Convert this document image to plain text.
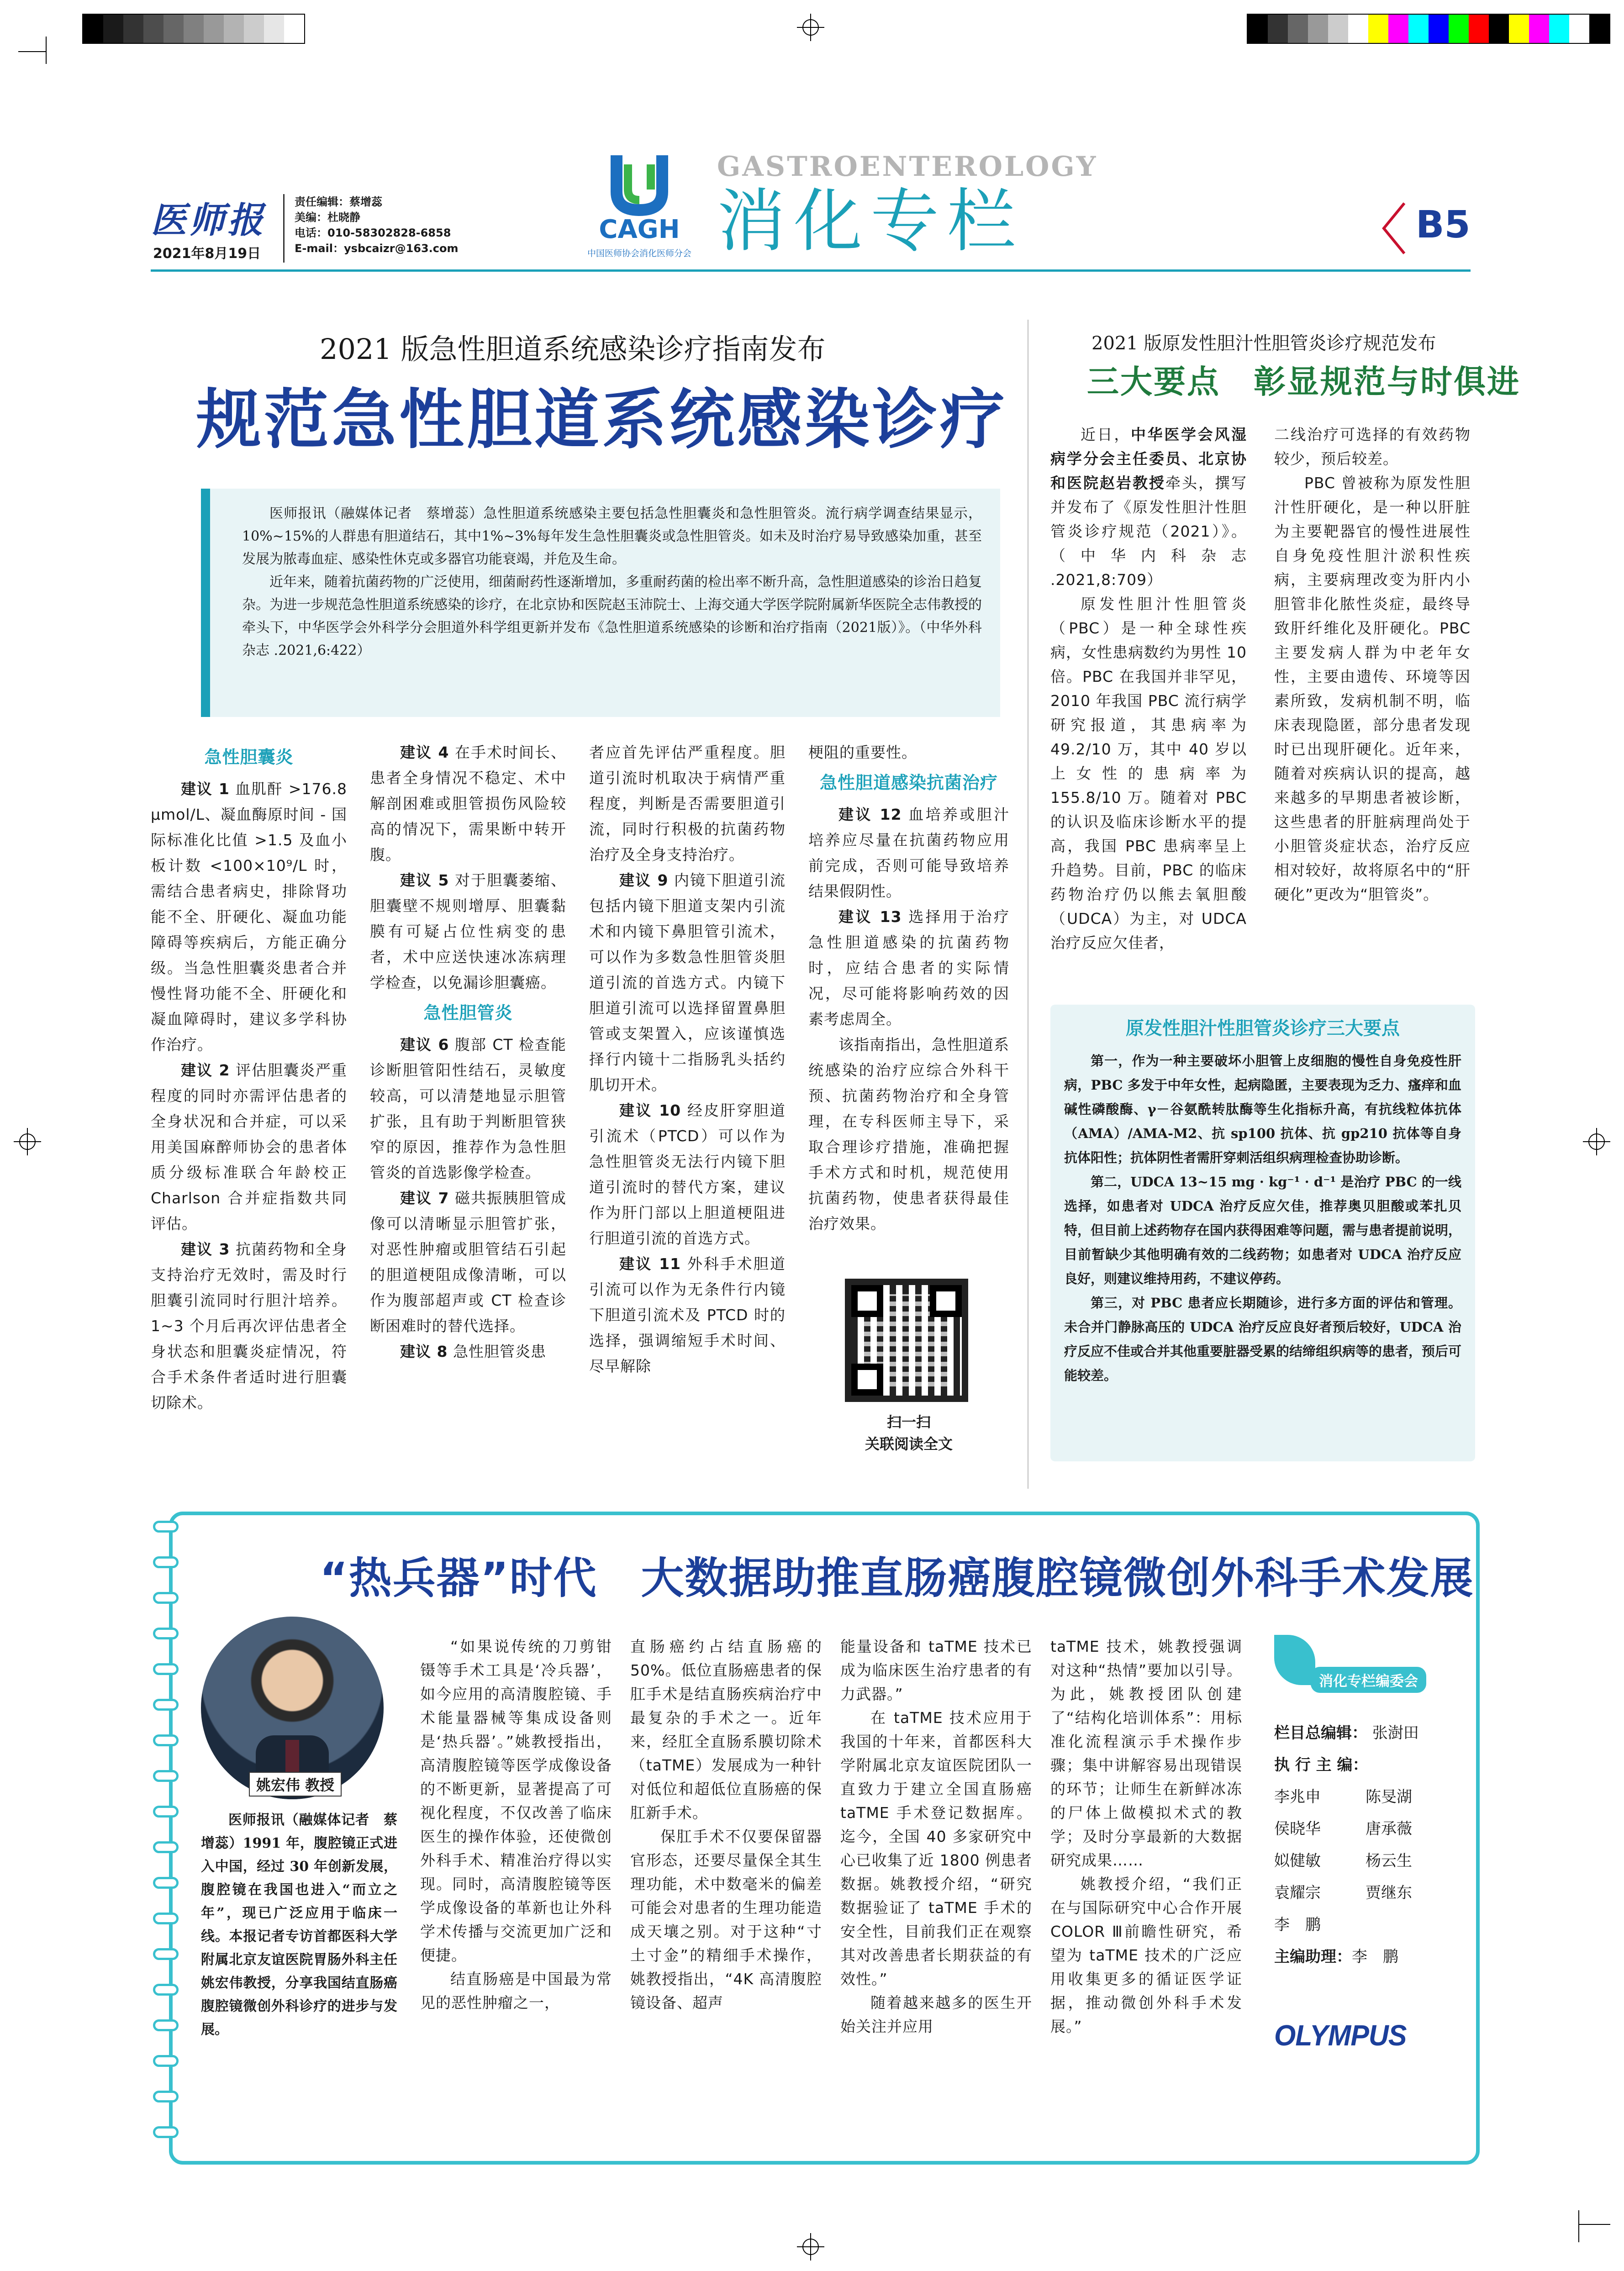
医师报
2021年8月19日
责任编辑：蔡增蕊
美编：杜晓静
电话：010-58302828-6858
E-mail：ysbcaizr@163.com
CAGH
中国医师协会消化医师分会
GASTROENTEROLOGY
消化专栏	B5
2021 版急性胆道系统感染诊疗指南发布
规范急性胆道系统感染诊疗

医师报讯（融媒体记者　蔡增蕊）急性胆道系统感染主要包括急性胆囊炎和急性胆管炎。流行病学调查结果显示，10%~15%的人群患有胆道结石，其中1%~3%每年发生急性胆囊炎或急性胆管炎。如未及时治疗易导致感染加重，甚至发展为脓毒血症、感染性休克或多器官功能衰竭，并危及生命。

近年来，随着抗菌药物的广泛使用，细菌耐药性逐渐增加，多重耐药菌的检出率不断升高，急性胆道感染的诊治日趋复杂。为进一步规范急性胆道系统感染的诊疗，在北京协和医院赵玉沛院士、上海交通大学医学院附属新华医院全志伟教授的牵头下，中华医学会外科学分会胆道外科学组更新并发布《急性胆道系统感染的诊断和治疗指南（2021版）》。（中华外科杂志 .2021,6:422）

急性胆囊炎

建议 1 血肌酐 >176.8 μmol/L、凝血酶原时间 - 国际标准化比值 >1.5 及血小板计数 <100×10⁹/L 时，需结合患者病史，排除肾功能不全、肝硬化、凝血功能障碍等疾病后，方能正确分级。当急性胆囊炎患者合并慢性肾功能不全、肝硬化和凝血障碍时，建议多学科协作治疗。

建议 2 评估胆囊炎严重程度的同时亦需评估患者的全身状况和合并症，可以采用美国麻醉师协会的患者体质分级标准联合年龄校正 Charlson 合并症指数共同评估。

建议 3 抗菌药物和全身支持治疗无效时，需及时行胆囊引流同时行胆汁培养。1~3 个月后再次评估患者全身状态和胆囊炎症情况，符合手术条件者适时进行胆囊切除术。

建议 4 在手术时间长、患者全身情况不稳定、术中解剖困难或胆管损伤风险较高的情况下，需果断中转开腹。

建议 5 对于胆囊萎缩、胆囊壁不规则增厚、胆囊黏膜有可疑占位性病变的患者，术中应送快速冰冻病理学检查，以免漏诊胆囊癌。

急性胆管炎

建议 6 腹部 CT 检查能诊断胆管阳性结石，灵敏度较高，可以清楚地显示胆管扩张，且有助于判断胆管狭窄的原因，推荐作为急性胆管炎的首选影像学检查。

建议 7 磁共振胰胆管成像可以清晰显示胆管扩张，对恶性肿瘤或胆管结石引起的胆道梗阻成像清晰，可以作为腹部超声或 CT 检查诊断困难时的替代选择。

建议 8 急性胆管炎患

者应首先评估严重程度。胆道引流时机取决于病情严重程度，判断是否需要胆道引流，同时行积极的抗菌药物治疗及全身支持治疗。

建议 9 内镜下胆道引流包括内镜下胆道支架内引流术和内镜下鼻胆管引流术，可以作为多数急性胆管炎胆道引流的首选方式。内镜下胆道引流可以选择留置鼻胆管或支架置入，应该谨慎选择行内镜十二指肠乳头括约肌切开术。

建议 10 经皮肝穿胆道引流术（PTCD）可以作为急性胆管炎无法行内镜下胆道引流时的替代方案，建议作为肝门部以上胆道梗阻进行胆道引流的首选方式。

建议 11 外科手术胆道引流可以作为无条件行内镜下胆道引流术及 PTCD 时的选择，强调缩短手术时间、尽早解除

梗阻的重要性。

急性胆道感染抗菌治疗

建议 12 血培养或胆汁培养应尽量在抗菌药物应用前完成，否则可能导致培养结果假阴性。

建议 13 选择用于治疗急性胆道感染的抗菌药物时，应结合患者的实际情况，尽可能将影响药效的因素考虑周全。

该指南指出，急性胆道系统感染的治疗应综合外科干预、抗菌药物治疗和全身管理，在专科医师主导下，采取合理诊疗措施，准确把握手术方式和时机，规范使用抗菌药物，使患者获得最佳治疗效果。

扫一扫
关联阅读全文
2021 版原发性胆汁性胆管炎诊疗规范发布
三大要点　彰显规范与时俱进

近日，中华医学会风湿病学分会主任委员、北京协和医院赵岩教授牵头，撰写并发布了《原发性胆汁性胆管炎诊疗规范（2021）》。（中华内科杂志 .2021,8:709）

原发性胆汁性胆管炎（PBC）是一种全球性疾病，女性患病数约为男性 10 倍。PBC 在我国并非罕见，2010 年我国 PBC 流行病学研究报道，其患病率为 49.2/10 万，其中 40 岁以上女性的患病率为 155.8/10 万。随着对 PBC 的认识及临床诊断水平的提高，我国 PBC 患病率呈上升趋势。目前，PBC 的临床药物治疗仍以熊去氧胆酸（UDCA）为主，对 UDCA 治疗反应欠佳者，

二线治疗可选择的有效药物较少，预后较差。

PBC 曾被称为原发性胆汁性肝硬化，是一种以肝脏为主要靶器官的慢性进展性自身免疫性胆汁淤积性疾病，主要病理改变为肝内小胆管非化脓性炎症，最终导致肝纤维化及肝硬化。PBC 主要发病人群为中老年女性，主要由遗传、环境等因素所致，发病机制不明，临床表现隐匿，部分患者发现时已出现肝硬化。近年来，随着对疾病认识的提高，越来越多的早期患者被诊断，这些患者的肝脏病理尚处于小胆管炎症状态，治疗反应相对较好，故将原名中的“肝硬化”更改为“胆管炎”。

原发性胆汁性胆管炎诊疗三大要点

第一，作为一种主要破坏小胆管上皮细胞的慢性自身免疫性肝病，PBC 多发于中年女性，起病隐匿，主要表现为乏力、瘙痒和血碱性磷酸酶、γ－谷氨酰转肽酶等生化指标升高，有抗线粒体抗体（AMA）/AMA-M2、抗 sp100 抗体、抗 gp210 抗体等自身抗体阳性；抗体阴性者需肝穿刺活组织病理检查协助诊断。

第二，UDCA 13~15 mg · kg⁻¹ · d⁻¹ 是治疗 PBC 的一线选择，如患者对 UDCA 治疗反应欠佳，推荐奥贝胆酸或苯扎贝特，但目前上述药物存在国内获得困难等问题，需与患者提前说明，目前暂缺少其他明确有效的二线药物；如患者对 UDCA 治疗反应良好，则建议维持用药，不建议停药。

第三，对 PBC 患者应长期随诊，进行多方面的评估和管理。未合并门静脉高压的 UDCA 治疗反应良好者预后较好，UDCA 治疗反应不佳或合并其他重要脏器受累的结缔组织病等的患者，预后可能较差。

“热兵器”时代　大数据助推直肠癌腹腔镜微创外科手术发展
姚宏伟 教授
医师报讯（融媒体记者　蔡增蕊）1991 年，腹腔镜正式进入中国，经过 30 年创新发展，腹腔镜在我国也进入“而立之年”，现已广泛应用于临床一线。本报记者专访首都医科大学附属北京友谊医院胃肠外科主任姚宏伟教授，分享我国结直肠癌腹腔镜微创外科诊疗的进步与发展。

“如果说传统的刀剪钳镊等手术工具是‘冷兵器’，如今应用的高清腹腔镜、手术能量器械等集成设备则是‘热兵器’。”姚教授指出，高清腹腔镜等医学成像设备的不断更新，显著提高了可视化程度，不仅改善了临床医生的操作体验，还使微创外科手术、精准治疗得以实现。同时，高清腹腔镜等医学成像设备的革新也让外科学术传播与交流更加广泛和便捷。

结直肠癌是中国最为常见的恶性肿瘤之一，

直肠癌约占结直肠癌的 50%。低位直肠癌患者的保肛手术是结直肠疾病治疗中最复杂的手术之一。近年来，经肛全直肠系膜切除术（taTME）发展成为一种针对低位和超低位直肠癌的保肛新手术。

保肛手术不仅要保留器官形态，还要尽量保全其生理功能，术中数毫米的偏差可能会对患者的生理功能造成天壤之别。对于这种“寸土寸金”的精细手术操作，姚教授指出，“4K 高清腹腔镜设备、超声

能量设备和 taTME 技术已成为临床医生治疗患者的有力武器。”

在 taTME 技术应用于我国的十年来，首都医科大学附属北京友谊医院团队一直致力于建立全国直肠癌 taTME 手术登记数据库。迄今，全国 40 多家研究中心已收集了近 1800 例患者数据。姚教授介绍，“研究数据验证了 taTME 手术的安全性，目前我们正在观察其对改善患者长期获益的有效性。”

随着越来越多的医生开始关注并应用

taTME 技术，姚教授强调对这种“热情”要加以引导。为此，姚教授团队创建了“结构化培训体系”：用标准化流程演示手术操作步骤；集中讲解容易出现错误的环节；让师生在新鲜冰冻的尸体上做模拟术式的教学；及时分享最新的大数据研究成果……

姚教授介绍，“我们正在与国际研究中心合作开展 COLOR Ⅲ前瞻性研究，希望为 taTME 技术的广泛应用收集更多的循证医学证据，推动微创外科手术发展。”

消化专栏编委会
栏目总编辑： 张澍田
执 行 主 编：
李兆申	陈旻湖
侯晓华	唐承薇
姒健敏	杨云生
袁耀宗	贾继东
李　鹏
主编助理：李　鹏
OLYMPUS
